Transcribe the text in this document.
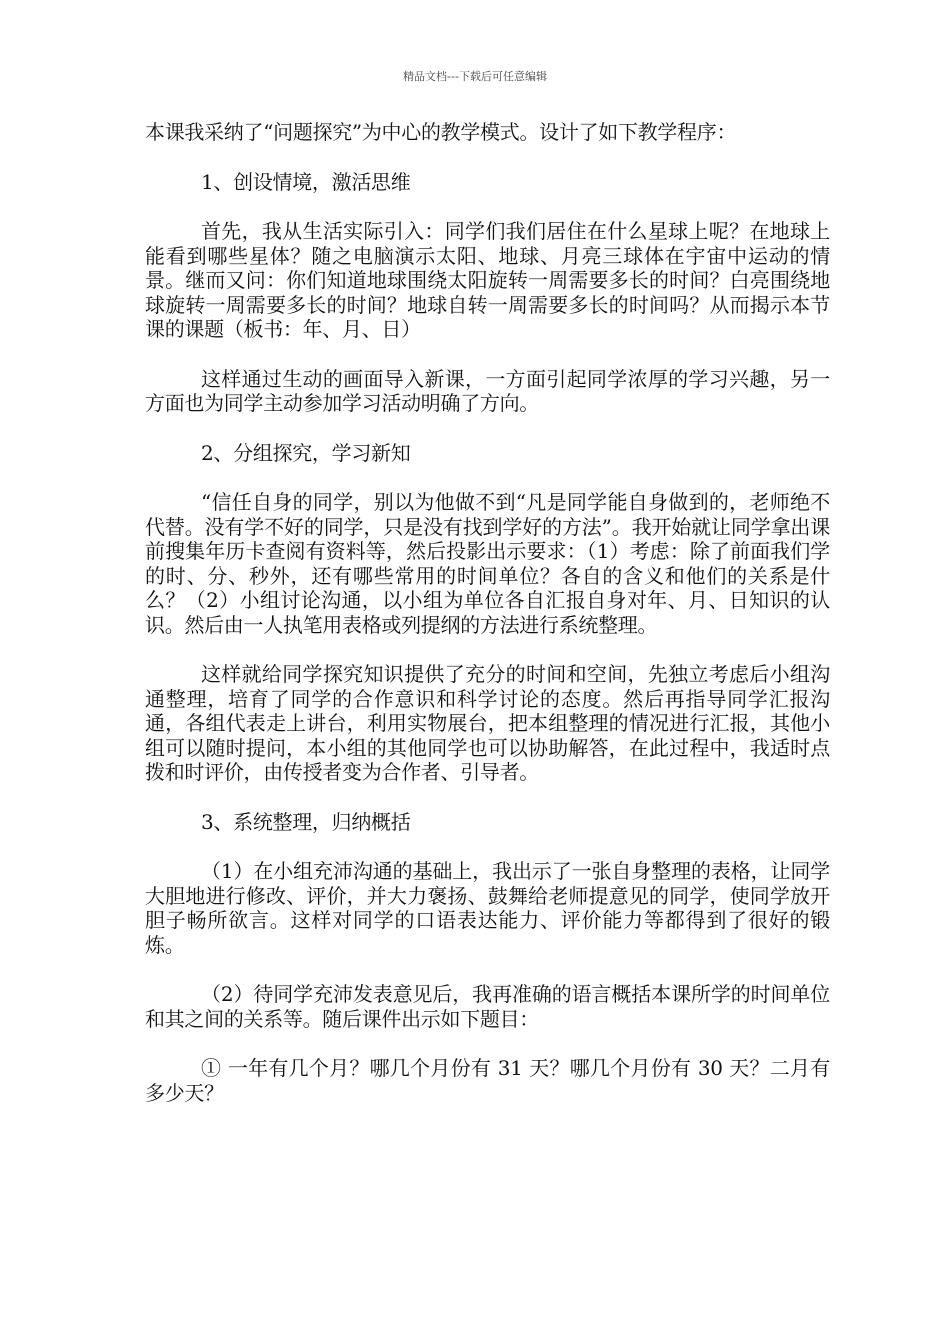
精品文档---下载后可任意编辑

本课我采纳了“问题探究”为中心的教学模式。设计了如下教学程序：

1、创设情境，激活思维

首先，我从生活实际引入：同学们我们居住在什么星球上呢？在地球上能看到哪些星体？随之电脑演示太阳、地球、月亮三球体在宇宙中运动的情景。继而又问：你们知道地球围绕太阳旋转一周需要多长的时间？白亮围绕地球旋转一周需要多长的时间？地球自转一周需要多长的时间吗？从而揭示本节课的课题（板书：年、月、日）

这样通过生动的画面导入新课，一方面引起同学浓厚的学习兴趣，另一方面也为同学主动参加学习活动明确了方向。

2、分组探究，学习新知

“信任自身的同学，别以为他做不到“凡是同学能自身做到的，老师绝不代替。没有学不好的同学，只是没有找到学好的方法”。我开始就让同学拿出课前搜集年历卡查阅有资料等，然后投影出示要求：（1）考虑：除了前面我们学的时、分、秒外，还有哪些常用的时间单位？各自的含义和他们的关系是什么？（2）小组讨论沟通，以小组为单位各自汇报自身对年、月、日知识的认识。然后由一人执笔用表格或列提纲的方法进行系统整理。

这样就给同学探究知识提供了充分的时间和空间，先独立考虑后小组沟通整理，培育了同学的合作意识和科学讨论的态度。然后再指导同学汇报沟通，各组代表走上讲台，利用实物展台，把本组整理的情况进行汇报，其他小组可以随时提问，本小组的其他同学也可以协助解答，在此过程中，我适时点拨和时评价，由传授者变为合作者、引导者。

3、系统整理，归纳概括

（1）在小组充沛沟通的基础上，我出示了一张自身整理的表格，让同学大胆地进行修改、评价，并大力褒扬、鼓舞给老师提意见的同学，使同学放开胆子畅所欲言。这样对同学的口语表达能力、评价能力等都得到了很好的锻炼。

（2）待同学充沛发表意见后，我再准确的语言概括本课所学的时间单位和其之间的关系等。随后课件出示如下题目：

① 一年有几个月？哪几个月份有 31 天？哪几个月份有 30 天？二月有多少天？
